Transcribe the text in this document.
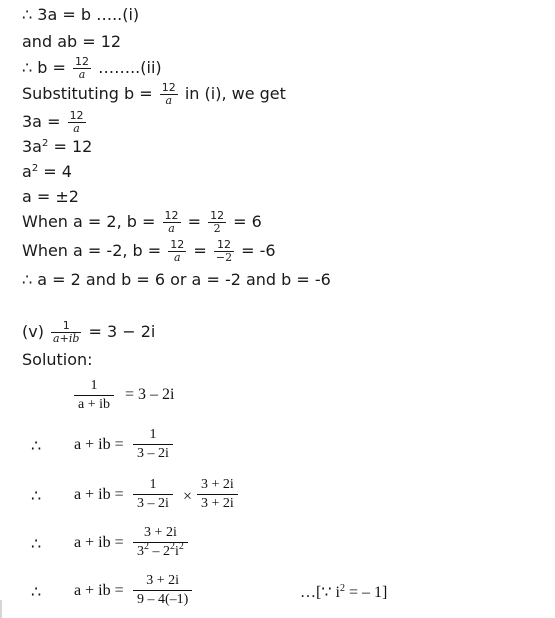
∴ 3a = b …..(i)
and ab = 12
∴ $b = \frac{12}{a}$ ……..(ii)
Substituting $b = \frac{12}{a}$ in (i), we get
$3a = \frac{12}{a}$
$3a^2 = 12$
$a^2 = 4$
a = ±2
When a = 2, $b = \frac{12}{a} = \frac{12}{2} = 6$
When a = -2, $b = \frac{12}{a} = \frac{12}{-2} = -6$
∴ a = 2 and b = 6 or a = -2 and b = -6
$(v) \frac{1}{a+ib} = 3 - 2i$
Solution:
$\frac{1}{a + ib} = 3 - 2i$
∴ a + ib = $\frac{1}{3 - 2i}$
∴ a + ib = $\frac{1}{3 - 2i} \times \frac{3 + 2i}{3 + 2i}$
∴ a + ib = $\frac{3 + 2i}{3^2 - 2^2i^2}$
∴ a + ib = $\frac{3 + 2i}{9 - 4(-1)}$	…[∵ $i^2$ = – 1]
